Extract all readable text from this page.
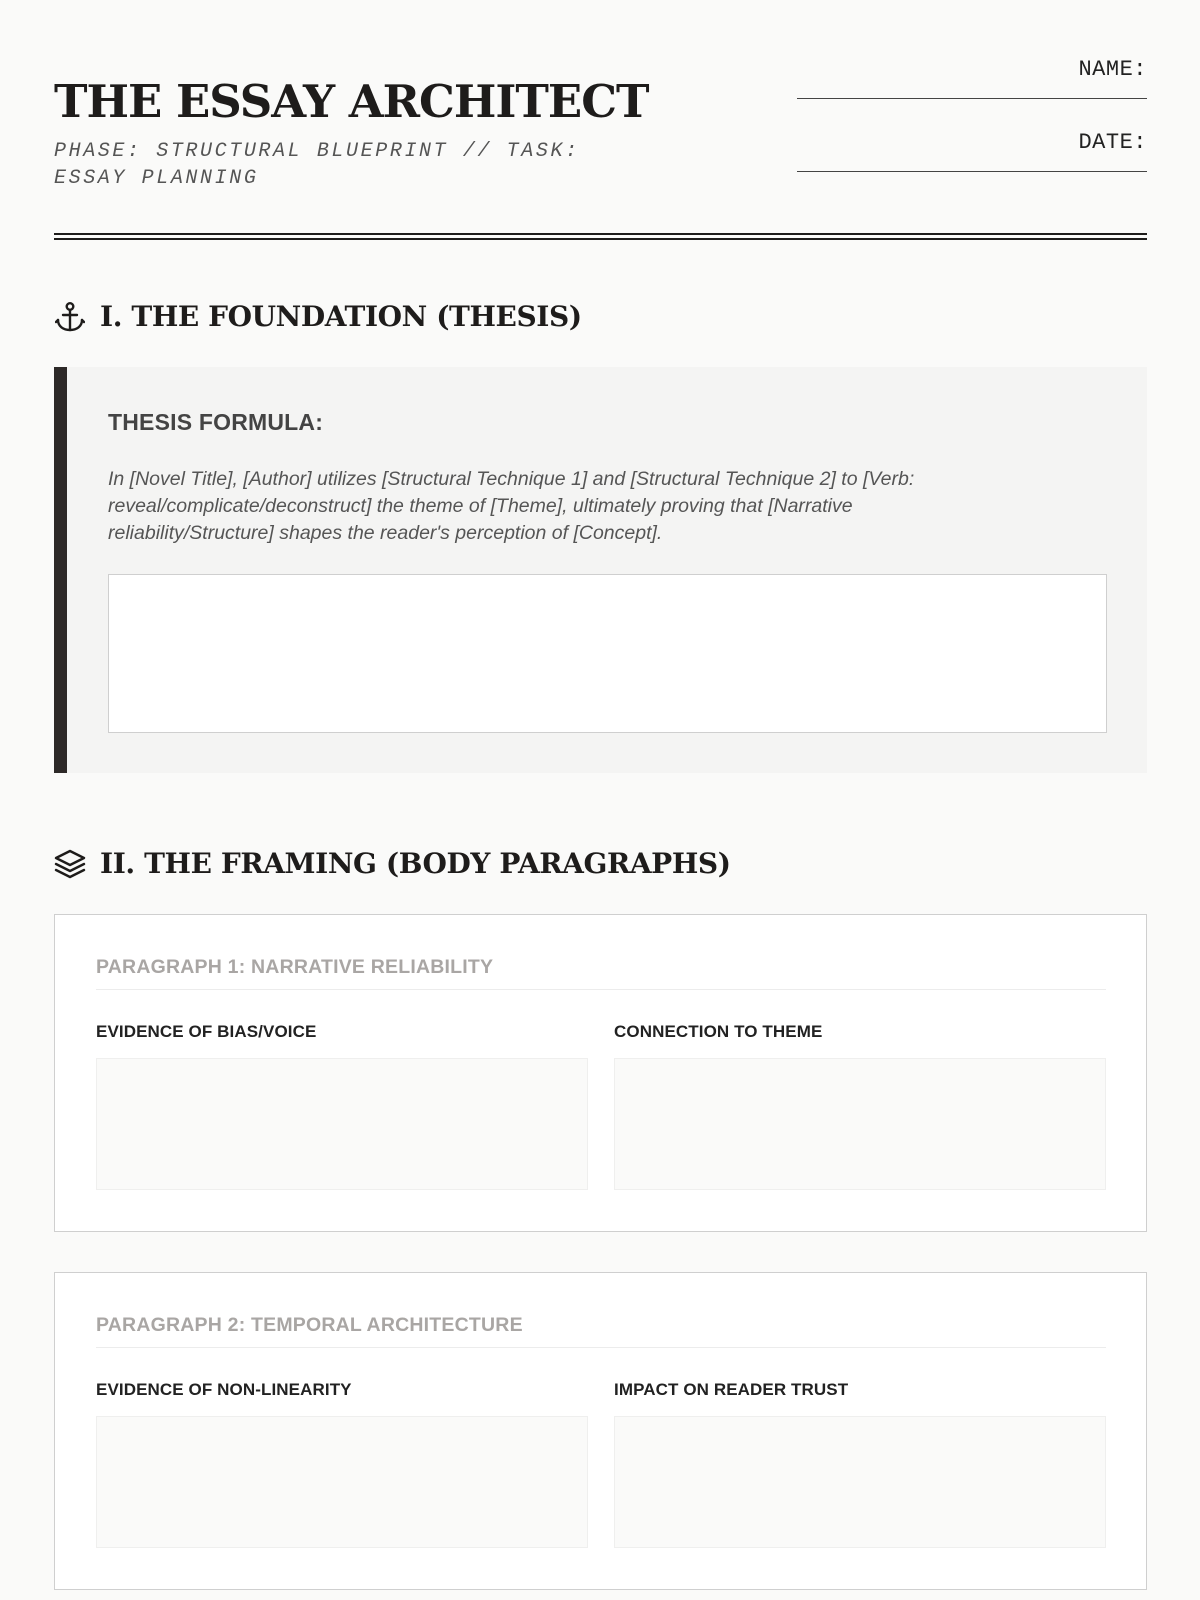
THE ESSAY ARCHITECT

PHASE: STRUCTURAL BLUEPRINT // TASK: ESSAY PLANNING

NAME:
DATE:
I. THE FOUNDATION (THESIS)

THESIS FORMULA:

In [Novel Title], [Author] utilizes [Structural Technique 1] and [Structural Technique 2] to [Verb: reveal/complicate/deconstruct] the theme of [Theme], ultimately proving that [Narrative reliability/Structure] shapes the reader's perception of [Concept].

II. THE FRAMING (BODY PARAGRAPHS)
PARAGRAPH 1: NARRATIVE RELIABILITY

EVIDENCE OF BIAS/VOICE	CONNECTION TO THEME

PARAGRAPH 2: TEMPORAL ARCHITECTURE

EVIDENCE OF NON-LINEARITY	IMPACT ON READER TRUST
